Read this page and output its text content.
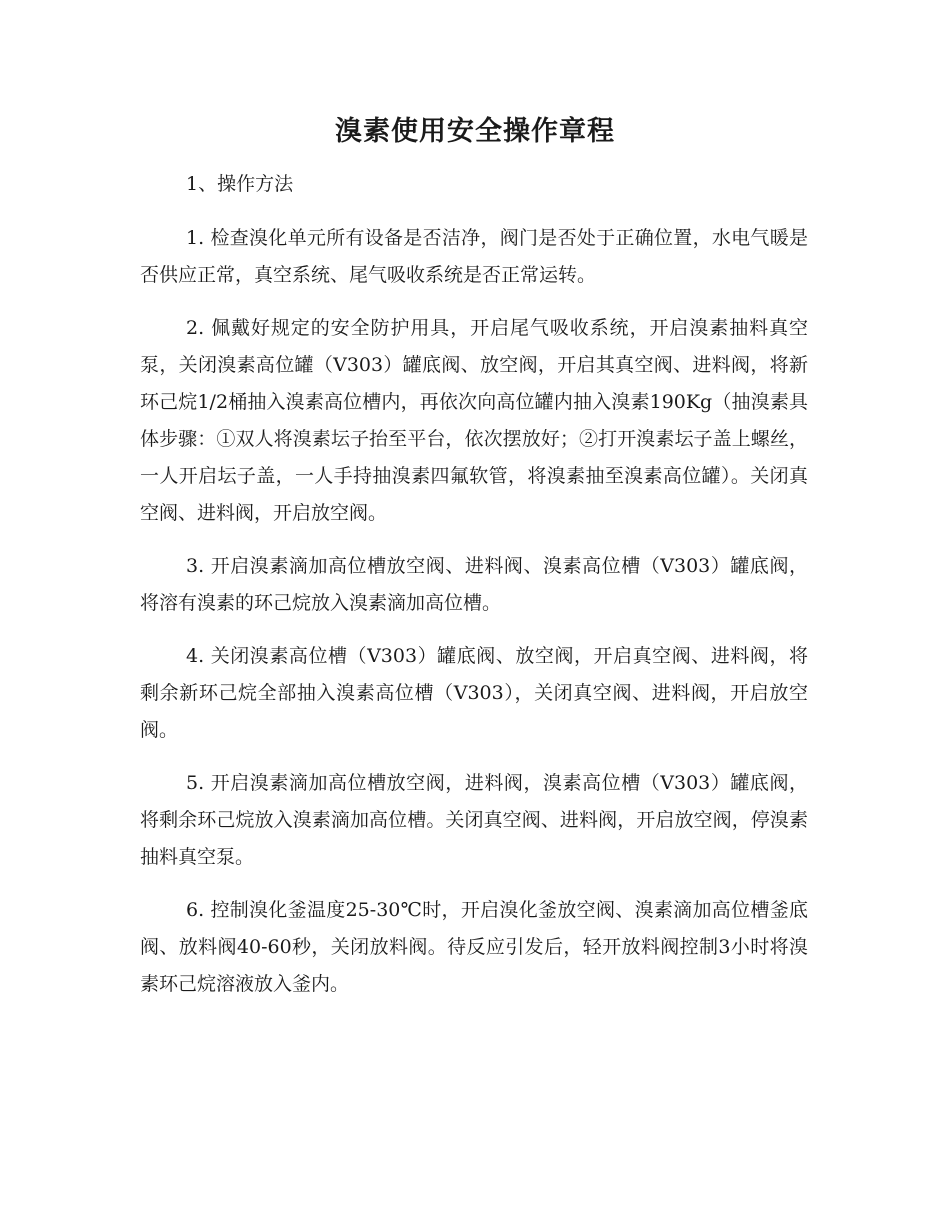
溴素使用安全操作章程

1、操作方法

1. 检查溴化单元所有设备是否洁净，阀门是否处于正确位置，水电气暖是否供应正常，真空系统、尾气吸收系统是否正常运转。

2. 佩戴好规定的安全防护用具，开启尾气吸收系统，开启溴素抽料真空泵，关闭溴素高位罐（V303）罐底阀、放空阀，开启其真空阀、进料阀，将新环己烷1/2桶抽入溴素高位槽内，再依次向高位罐内抽入溴素190Kg（抽溴素具体步骤：①双人将溴素坛子抬至平台，依次摆放好；②打开溴素坛子盖上螺丝，一人开启坛子盖，一人手持抽溴素四氟软管，将溴素抽至溴素高位罐）。关闭真空阀、进料阀，开启放空阀。

3. 开启溴素滴加高位槽放空阀、进料阀、溴素高位槽（V303）罐底阀，将溶有溴素的环己烷放入溴素滴加高位槽。

4. 关闭溴素高位槽（V303）罐底阀、放空阀，开启真空阀、进料阀，将剩余新环己烷全部抽入溴素高位槽（V303），关闭真空阀、进料阀，开启放空阀。

5. 开启溴素滴加高位槽放空阀，进料阀，溴素高位槽（V303）罐底阀，将剩余环己烷放入溴素滴加高位槽。关闭真空阀、进料阀，开启放空阀，停溴素抽料真空泵。

6. 控制溴化釜温度25-30℃时，开启溴化釜放空阀、溴素滴加高位槽釜底阀、放料阀40-60秒，关闭放料阀。待反应引发后，轻开放料阀控制3小时将溴素环己烷溶液放入釜内。
